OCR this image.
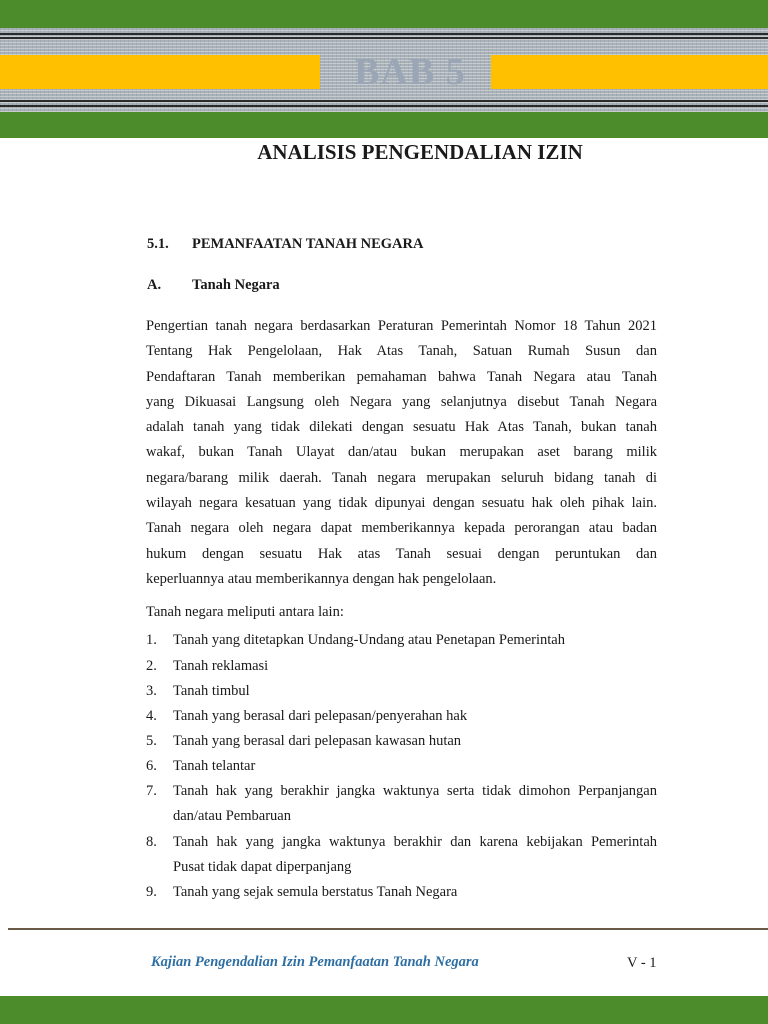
BAB 5
ANALISIS PENGENDALIAN IZIN
5.1. PEMANFAATAN TANAH NEGARA
A. Tanah Negara
Pengertian tanah negara berdasarkan Peraturan Pemerintah Nomor 18 Tahun 2021
Tentang Hak Pengelolaan, Hak Atas Tanah, Satuan Rumah Susun dan
Pendaftaran Tanah memberikan pemahaman bahwa Tanah Negara atau Tanah
yang Dikuasai Langsung oleh Negara yang selanjutnya disebut Tanah Negara
adalah tanah yang tidak dilekati dengan sesuatu Hak Atas Tanah, bukan tanah
wakaf, bukan Tanah Ulayat dan/atau bukan merupakan aset barang milik
negara/barang milik daerah. Tanah negara merupakan seluruh bidang tanah di
wilayah negara kesatuan yang tidak dipunyai dengan sesuatu hak oleh pihak lain.
Tanah negara oleh negara dapat memberikannya kepada perorangan atau badan
hukum dengan sesuatu Hak atas Tanah sesuai dengan peruntukan dan
keperluannya atau memberikannya dengan hak pengelolaan.
Tanah negara meliputi antara lain:
1. Tanah yang ditetapkan Undang-Undang atau Penetapan Pemerintah
2. Tanah reklamasi
3. Tanah timbul
4. Tanah yang berasal dari pelepasan/penyerahan hak
5. Tanah yang berasal dari pelepasan kawasan hutan
6. Tanah telantar
7. Tanah hak yang berakhir jangka waktunya serta tidak dimohon Perpanjangan
dan/atau Pembaruan
8. Tanah hak yang jangka waktunya berakhir dan karena kebijakan Pemerintah
Pusat tidak dapat diperpanjang
9. Tanah yang sejak semula berstatus Tanah Negara
Kajian Pengendalian Izin Pemanfaatan Tanah Negara	V - 1
